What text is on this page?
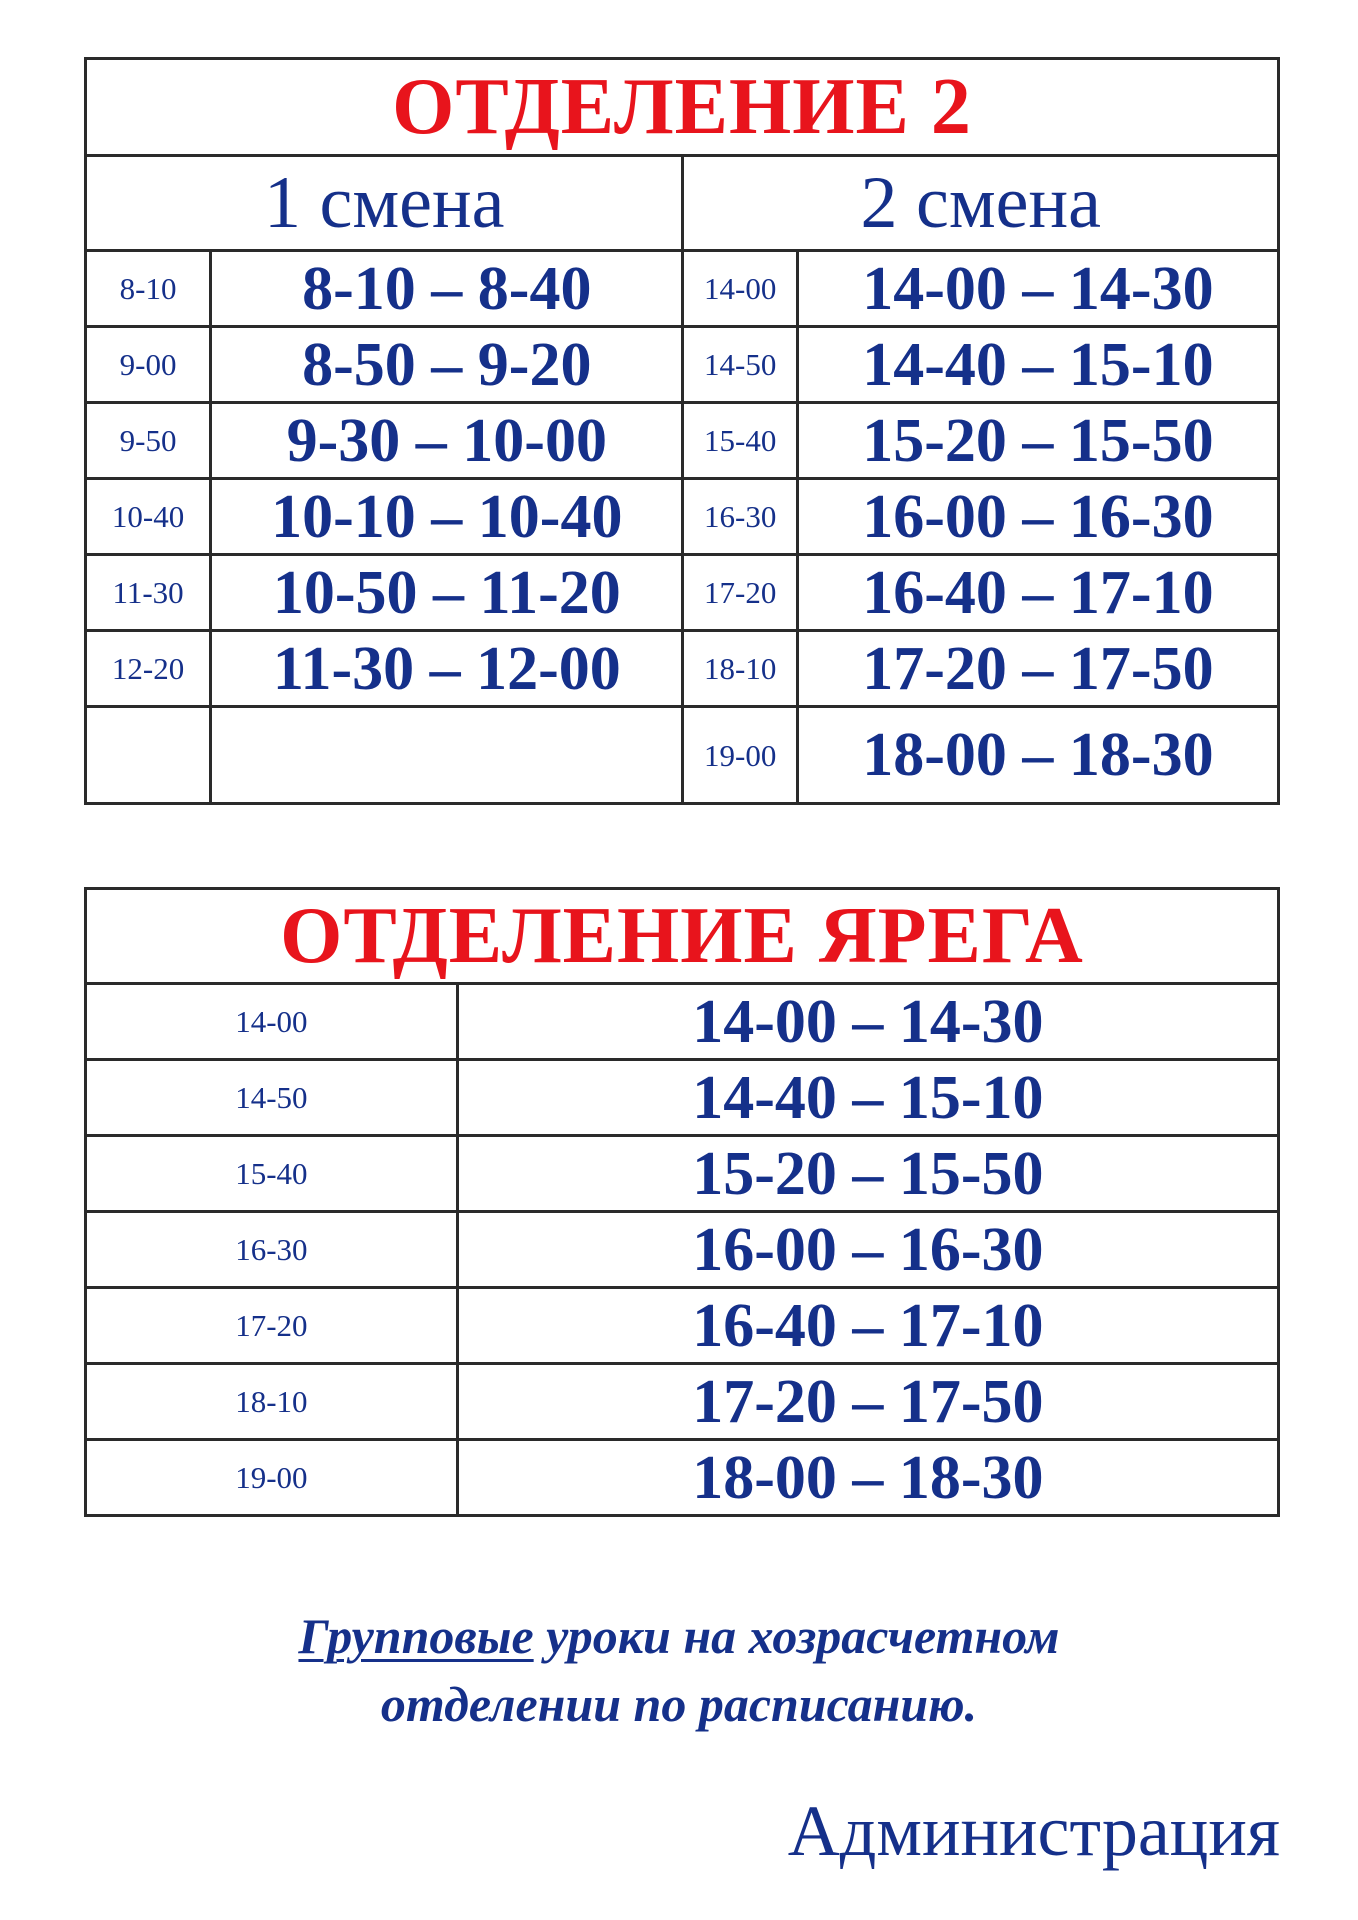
ОТДЕЛЕНИЕ 2			
1 смена		2 смена	
8-10	8-10 – 8-40	14-00	14-00 – 14-30
9-00	8-50 – 9-20	14-50	14-40 – 15-10
9-50	9-30 – 10-00	15-40	15-20 – 15-50
10-40	10-10 – 10-40	16-30	16-00 – 16-30
11-30	10-50 – 11-20	17-20	16-40 – 17-10
12-20	11-30 – 12-00	18-10	17-20 – 17-50
		19-00	18-00 – 18-30
ОТДЕЛЕНИЕ ЯРЕГА	
14-00	14-00 – 14-30
14-50	14-40 – 15-10
15-40	15-20 – 15-50
16-30	16-00 – 16-30
17-20	16-40 – 17-10
18-10	17-20 – 17-50
19-00	18-00 – 18-30
Групповые уроки на хозрасчетном
отделении по расписанию.
Администрация
